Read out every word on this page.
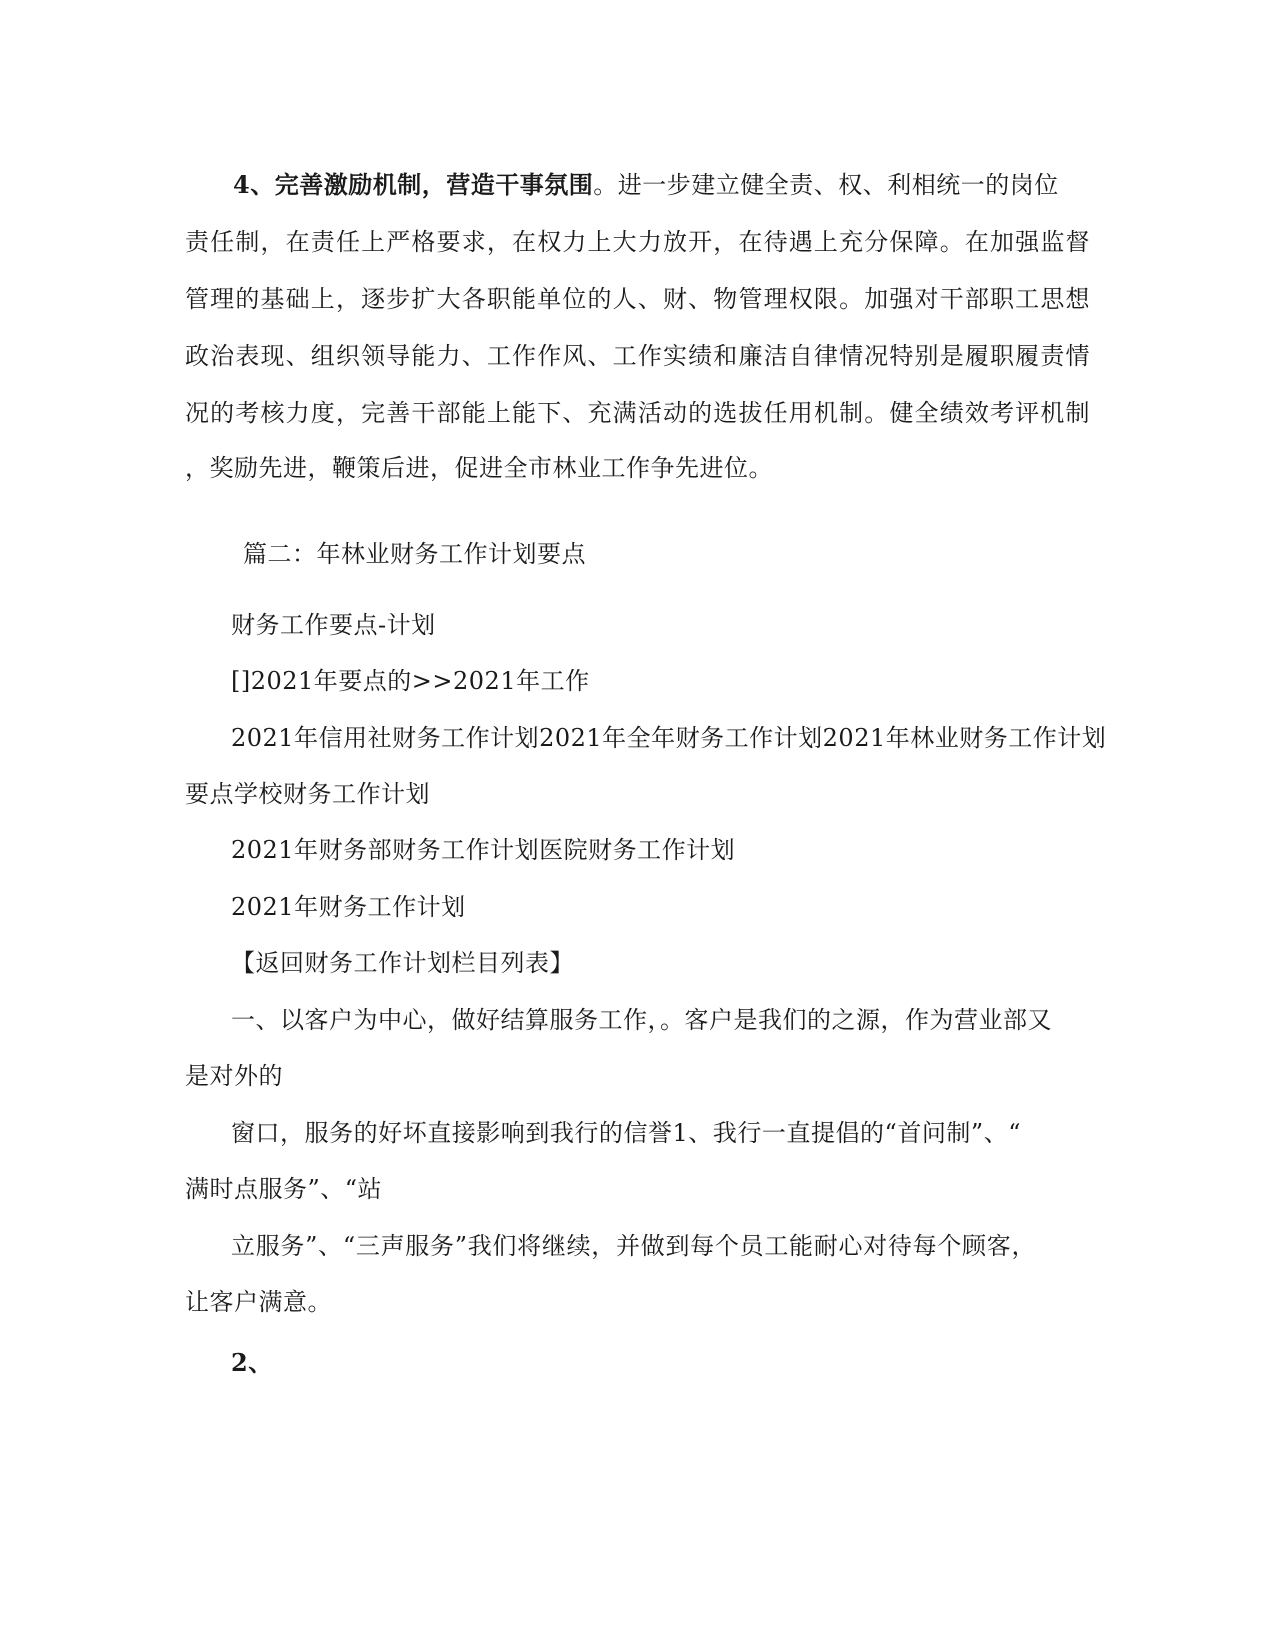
4、完善激励机制，营造干事氛围。进一步建立健全责、权、利相统一的岗位
责任制，在责任上严格要求，在权力上大力放开，在待遇上充分保障。在加强监督
管理的基础上，逐步扩大各职能单位的人、财、物管理权限。加强对干部职工思想
政治表现、组织领导能力、工作作风、工作实绩和廉洁自律情况特别是履职履责情
况的考核力度，完善干部能上能下、充满活动的选拔任用机制。健全绩效考评机制
，奖励先进，鞭策后进，促进全市林业工作争先进位。
篇二：年林业财务工作计划要点
财务工作要点-计划
[]2021年要点的>>2021年工作
2021年信用社财务工作计划2021年全年财务工作计划2021年林业财务工作计划
要点学校财务工作计划
2021年财务部财务工作计划医院财务工作计划
2021年财务工作计划
【返回财务工作计划栏目列表】
一、以客户为中心，做好结算服务工作，。客户是我们的之源，作为营业部又
是对外的
窗口，服务的好坏直接影响到我行的信誉1、我行一直提倡的“首问制”、“
满时点服务”、“站
立服务”、“三声服务”我们将继续，并做到每个员工能耐心对待每个顾客，
让客户满意。
2、
